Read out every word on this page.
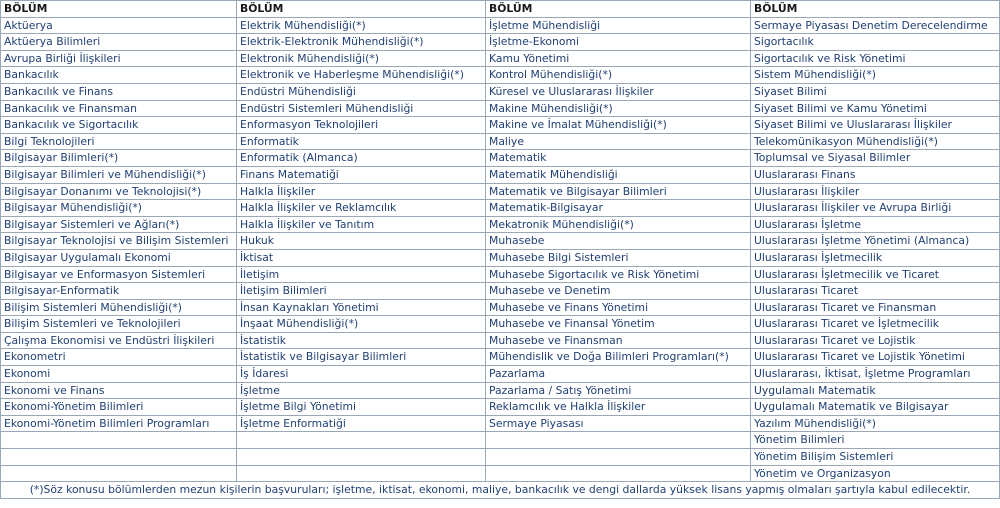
BÖLÜM	BÖLÜM	BÖLÜM	BÖLÜM
Aktüerya	Elektrik Mühendisliği(*)	İşletme Mühendisliği	Sermaye Piyasası Denetim Derecelendirme
Aktüerya Bilimleri	Elektrik-Elektronik Mühendisliği(*)	İşletme-Ekonomi	Sigortacılık
Avrupa Birliği İlişkileri	Elektronik Mühendisliği(*)	Kamu Yönetimi	Sigortacılık ve Risk Yönetimi
Bankacılık	Elektronik ve Haberleşme Mühendisliği(*)	Kontrol Mühendisliği(*)	Sistem Mühendisliği(*)
Bankacılık ve Finans	Endüstri Mühendisliği	Küresel ve Uluslararası İlişkiler	Siyaset Bilimi
Bankacılık ve Finansman	Endüstri Sistemleri Mühendisliği	Makine Mühendisliği(*)	Siyaset Bilimi ve Kamu Yönetimi
Bankacılık ve Sigortacılık	Enformasyon Teknolojileri	Makine ve İmalat Mühendisliği(*)	Siyaset Bilimi ve Uluslararası İlişkiler
Bilgi Teknolojileri	Enformatik	Maliye	Telekomünikasyon Mühendisliği(*)
Bilgisayar Bilimleri(*)	Enformatik (Almanca)	Matematik	Toplumsal ve Siyasal Bilimler
Bilgisayar Bilimleri ve Mühendisliği(*)	Finans Matematiği	Matematik Mühendisliği	Uluslararası Finans
Bilgisayar Donanımı ve Teknolojisi(*)	Halkla İlişkiler	Matematik ve Bilgisayar Bilimleri	Uluslararası İlişkiler
Bilgisayar Mühendisliği(*)	Halkla İlişkiler ve Reklamcılık	Matematik-Bilgisayar	Uluslararası İlişkiler ve Avrupa Birliği
Bilgisayar Sistemleri ve Ağları(*)	Halkla İlişkiler ve Tanıtım	Mekatronik Mühendisliği(*)	Uluslararası İşletme
Bilgisayar Teknolojisi ve Bilişim Sistemleri	Hukuk	Muhasebe	Uluslararası İşletme Yönetimi (Almanca)
Bilgisayar Uygulamalı Ekonomi	İktisat	Muhasebe Bilgi Sistemleri	Uluslararası İşletmecilik
Bilgisayar ve Enformasyon Sistemleri	İletişim	Muhasebe Sigortacılık ve Risk Yönetimi	Uluslararası İşletmecilik ve Ticaret
Bilgisayar-Enformatik	İletişim Bilimleri	Muhasebe ve Denetim	Uluslararası Ticaret
Bilişim Sistemleri Mühendisliği(*)	İnsan Kaynakları Yönetimi	Muhasebe ve Finans Yönetimi	Uluslararası Ticaret ve Finansman
Bilişim Sistemleri ve Teknolojileri	İnşaat Mühendisliği(*)	Muhasebe ve Finansal Yönetim	Uluslararası Ticaret ve İşletmecilik
Çalışma Ekonomisi ve Endüstri İlişkileri	İstatistik	Muhasebe ve Finansman	Uluslararası Ticaret ve Lojistik
Ekonometri	İstatistik ve Bilgisayar Bilimleri	Mühendislik ve Doğa Bilimleri Programları(*)	Uluslararası Ticaret ve Lojistik Yönetimi
Ekonomi	İş İdaresi	Pazarlama	Uluslararası, İktisat, İşletme Programları
Ekonomi ve Finans	İşletme	Pazarlama / Satış Yönetimi	Uygulamalı Matematik
Ekonomi-Yönetim Bilimleri	İşletme Bilgi Yönetimi	Reklamcılık ve Halkla İlişkiler	Uygulamalı Matematik ve Bilgisayar
Ekonomi-Yönetim Bilimleri Programları	İşletme Enformatiği	Sermaye Piyasası	Yazılım Mühendisliği(*)
			Yönetim Bilimleri
			Yönetim Bilişim Sistemleri
			Yönetim ve Organizasyon
(*)Söz konusu bölümlerden mezun kişilerin başvuruları; işletme, iktisat, ekonomi, maliye, bankacılık ve dengi dallarda yüksek lisans yapmış olmaları şartıyla kabul edilecektir.			
